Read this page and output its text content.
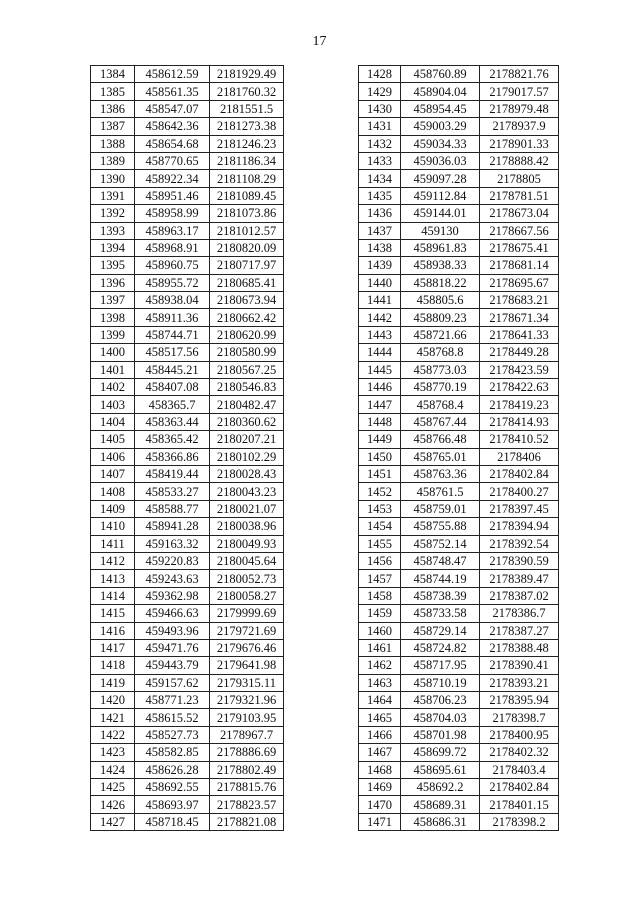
17
1384	458612.59	2181929.49
1385	458561.35	2181760.32
1386	458547.07	2181551.5
1387	458642.36	2181273.38
1388	458654.68	2181246.23
1389	458770.65	2181186.34
1390	458922.34	2181108.29
1391	458951.46	2181089.45
1392	458958.99	2181073.86
1393	458963.17	2181012.57
1394	458968.91	2180820.09
1395	458960.75	2180717.97
1396	458955.72	2180685.41
1397	458938.04	2180673.94
1398	458911.36	2180662.42
1399	458744.71	2180620.99
1400	458517.56	2180580.99
1401	458445.21	2180567.25
1402	458407.08	2180546.83
1403	458365.7	2180482.47
1404	458363.44	2180360.62
1405	458365.42	2180207.21
1406	458366.86	2180102.29
1407	458419.44	2180028.43
1408	458533.27	2180043.23
1409	458588.77	2180021.07
1410	458941.28	2180038.96
1411	459163.32	2180049.93
1412	459220.83	2180045.64
1413	459243.63	2180052.73
1414	459362.98	2180058.27
1415	459466.63	2179999.69
1416	459493.96	2179721.69
1417	459471.76	2179676.46
1418	459443.79	2179641.98
1419	459157.62	2179315.11
1420	458771.23	2179321.96
1421	458615.52	2179103.95
1422	458527.73	2178967.7
1423	458582.85	2178886.69
1424	458626.28	2178802.49
1425	458692.55	2178815.76
1426	458693.97	2178823.57
1427	458718.45	2178821.08
1428	458760.89	2178821.76
1429	458904.04	2179017.57
1430	458954.45	2178979.48
1431	459003.29	2178937.9
1432	459034.33	2178901.33
1433	459036.03	2178888.42
1434	459097.28	2178805
1435	459112.84	2178781.51
1436	459144.01	2178673.04
1437	459130	2178667.56
1438	458961.83	2178675.41
1439	458938.33	2178681.14
1440	458818.22	2178695.67
1441	458805.6	2178683.21
1442	458809.23	2178671.34
1443	458721.66	2178641.33
1444	458768.8	2178449.28
1445	458773.03	2178423.59
1446	458770.19	2178422.63
1447	458768.4	2178419.23
1448	458767.44	2178414.93
1449	458766.48	2178410.52
1450	458765.01	2178406
1451	458763.36	2178402.84
1452	458761.5	2178400.27
1453	458759.01	2178397.45
1454	458755.88	2178394.94
1455	458752.14	2178392.54
1456	458748.47	2178390.59
1457	458744.19	2178389.47
1458	458738.39	2178387.02
1459	458733.58	2178386.7
1460	458729.14	2178387.27
1461	458724.82	2178388.48
1462	458717.95	2178390.41
1463	458710.19	2178393.21
1464	458706.23	2178395.94
1465	458704.03	2178398.7
1466	458701.98	2178400.95
1467	458699.72	2178402.32
1468	458695.61	2178403.4
1469	458692.2	2178402.84
1470	458689.31	2178401.15
1471	458686.31	2178398.2
